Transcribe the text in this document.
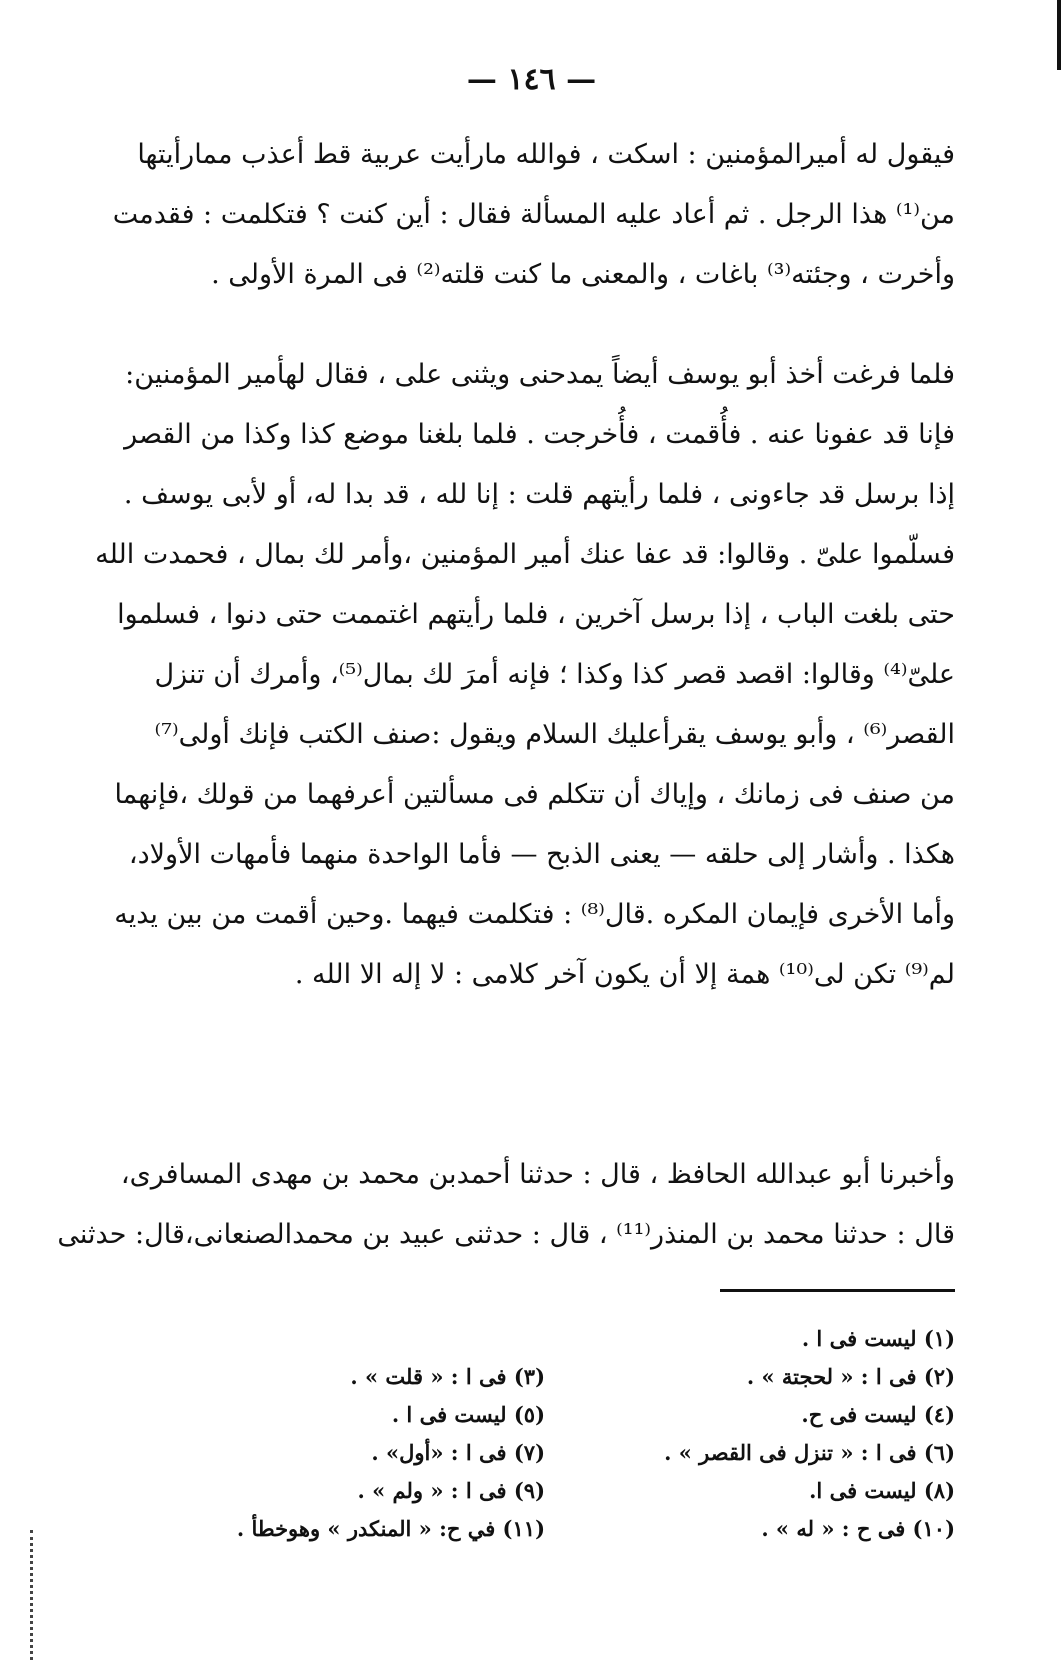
— ١٤٦ —
فيقول له أميرالمؤمنين : اسكت ، فوالله مارأيت عربية قط أعذب ممارأيتها
من⁽¹⁾ هذا الرجل . ثم أعاد عليه المسألة فقال : أين كنت ؟ فتكلمت : فقدمت
وأخرت ، وجئته⁽³⁾ باغات ، والمعنى ما كنت قلته⁽²⁾ فى المرة الأولى .
فلما فرغت أخذ أبو يوسف أيضاً يمدحنى ويثنى على ، فقال لهأمير المؤمنين:
فإنا قد عفونا عنه . فأُقمت ، فأُخرجت . فلما بلغنا موضع كذا وكذا من القصر
إذا برسل قد جاءونى ، فلما رأيتهم قلت : إنا لله ، قد بدا له، أو لأبى يوسف .
فسلّموا علىّ . وقالوا: قد عفا عنك أمير المؤمنين ،وأمر لك بمال ، فحمدت الله
حتى بلغت الباب ، إذا برسل آخرين ، فلما رأيتهم اغتممت حتى دنوا ، فسلموا
علىّ⁽⁴⁾ وقالوا: اقصد قصر كذا وكذا ؛ فإنه أمرَ لك بمال⁽⁵⁾، وأمرك أن تنزل
القصر⁽⁶⁾ ، وأبو يوسف يقرأعليك السلام ويقول :صنف الكتب فإنك أولى⁽⁷⁾
من صنف فى زمانك ، وإياك أن تتكلم فى مسألتين أعرفهما من قولك ،فإنهما
هكذا . وأشار إلى حلقه — يعنى الذبح — فأما الواحدة منهما فأمهات الأولاد،
وأما الأخرى فإيمان المكره .قال⁽⁸⁾ : فتكلمت فيهما .وحين أقمت من بين يديه
لم⁽⁹⁾ تكن لى⁽¹⁰⁾ همة إلا أن يكون آخر كلامى : لا إله الا الله .
وأخبرنا أبو عبدالله الحافظ ، قال : حدثنا أحمدبن محمد بن مهدى المسافرى،
قال : حدثنا محمد بن المنذر⁽¹¹⁾ ، قال : حدثنى عبيد بن محمدالصنعانى،قال: حدثنى
(١) ليست فى ا .
(٢) فى ا : « لحجتة » .
(٣) فى ا : « قلت » .
(٤) ليست فى ح.
(٥) ليست فى ا .
(٦) فى ا : « تنزل فى القصر » .
(٧) فى ا : «أول» .
(٨) ليست فى ا.
(٩) فى ا : « ولم » .
(١٠) فى ح : « له » .
(١١) في ح: « المنكدر » وهوخطأ .
